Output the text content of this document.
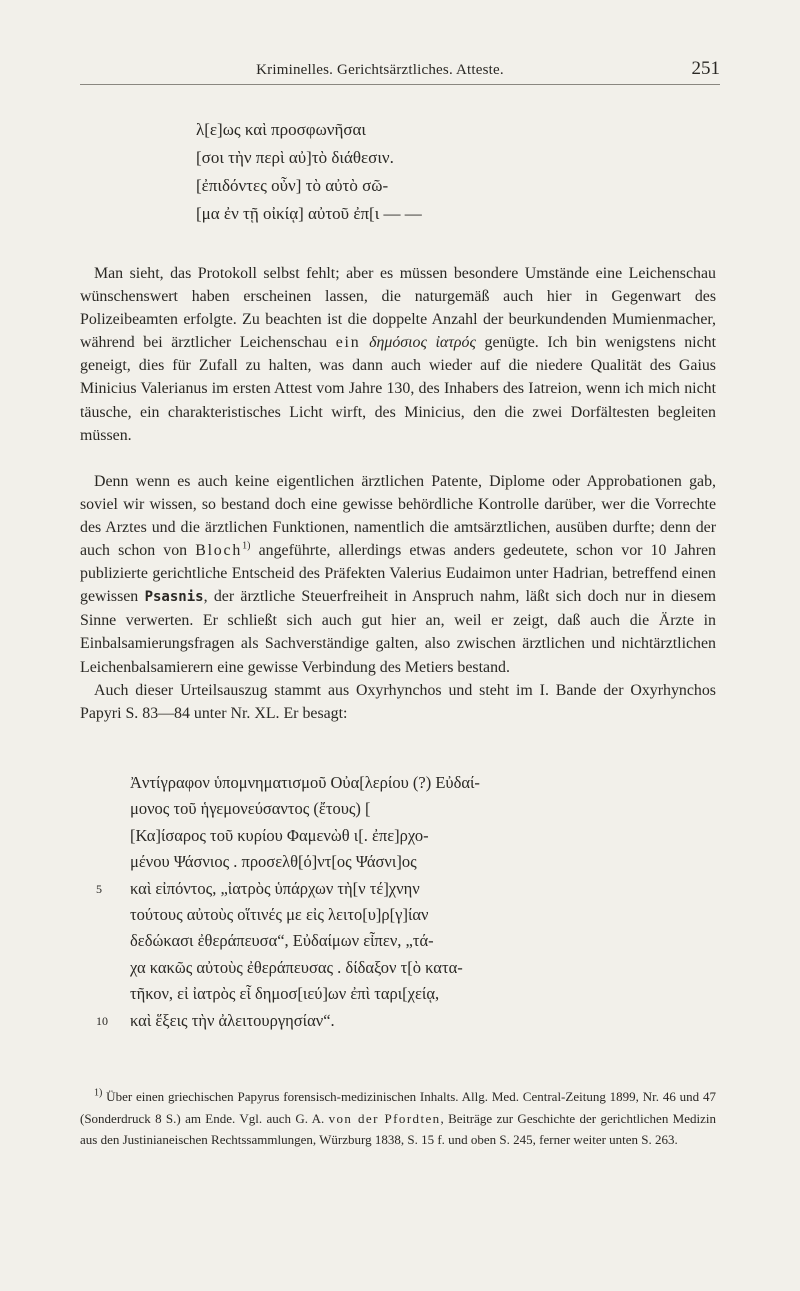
Kriminelles. Gerichtsärztliches. Atteste.	251

λ[ε]ως καὶ προσφωνῆσαι

[σοι τὴν περὶ αὐ]τὸ διάθεσιν.

[ἐπιδόντες οὖν] τὸ αὐτὸ σῶ-

[μα ἐν τῇ οἰκίᾳ] αὐτοῦ ἐπ[ι — —

Man sieht, das Protokoll selbst fehlt; aber es müssen besondere Umstände eine Leichenschau wünschenswert haben erscheinen lassen, die naturgemäß auch hier in Gegenwart des Polizeibeamten erfolgte. Zu beachten ist die doppelte Anzahl der beurkundenden Mumienmacher, während bei ärztlicher Leichenschau ein δημόσιος ἰατρός genügte. Ich bin wenigstens nicht geneigt, dies für Zufall zu halten, was dann auch wieder auf die niedere Qualität des Gaius Minicius Valerianus im ersten Attest vom Jahre 130, des Inhabers des Iatreion, wenn ich mich nicht täusche, ein charakteristisches Licht wirft, des Minicius, den die zwei Dorfältesten begleiten müssen.

Denn wenn es auch keine eigentlichen ärztlichen Patente, Diplome oder Approbationen gab, soviel wir wissen, so bestand doch eine gewisse behördliche Kontrolle darüber, wer die Vorrechte des Arztes und die ärztlichen Funktionen, namentlich die amtsärztlichen, ausüben durfte; denn der auch schon von Bloch$^{1)}$ angeführte, allerdings etwas anders gedeutete, schon vor 10 Jahren publizierte gerichtliche Entscheid des Präfekten Valerius Eudaimon unter Hadrian, betreffend einen gewissen Psasnis, der ärztliche Steuerfreiheit in Anspruch nahm, läßt sich doch nur in diesem Sinne verwerten. Er schließt sich auch gut hier an, weil er zeigt, daß auch die Ärzte in Einbalsamierungsfragen als Sachverständige galten, also zwischen ärztlichen und nichtärztlichen Leichenbalsamierern eine gewisse Verbindung des Metiers bestand.

Auch dieser Urteilsauszug stammt aus Oxyrhynchos und steht im I. Bande der Oxyrhynchos Papyri S. 83—84 unter Nr. XL. Er besagt:

Ἀντίγραφον ὑπομνηματισμοῦ Οὐα[λερίου (?) Εὐδαί-

μονος τοῦ ἡγεμονεύσαντος (ἔτους) [

[Κα]ίσαρος τοῦ κυρίου Φαμενὼθ ι[. ἐπε]ρχο-

μένου Ψάσνιος . προσελθ[ό]ντ[ος Ψάσνι]ος

5 καὶ εἰπόντος, „ἰατρὸς ὑπάρχων τὴ[ν τέ]χνην

τούτους αὐτοὺς οἵτινές με εἰς λειτο[υ]ρ[γ]ίαν

δεδώκασι ἐθεράπευσα“, Εὐδαίμων εἶπεν, „τά-

χα κακῶς αὐτοὺς ἐθεράπευσας . δίδαξον τ[ὸ κατα-

τῆκον, εἰ ἰατρὸς εἶ δημοσ[ιεύ]ων ἐπὶ ταρι[χείᾳ,

10 καὶ ἕξεις τὴν ἀλειτουργησίαν“.

$^{1)}$ Über einen griechischen Papyrus forensisch-medizinischen Inhalts. Allg. Med. Central-Zeitung 1899, Nr. 46 und 47 (Sonderdruck 8 S.) am Ende. Vgl. auch G. A. von der Pfordten, Beiträge zur Geschichte der gerichtlichen Medizin aus den Justinianeischen Rechtssammlungen, Würzburg 1838, S. 15 f. und oben S. 245, ferner weiter unten S. 263.
